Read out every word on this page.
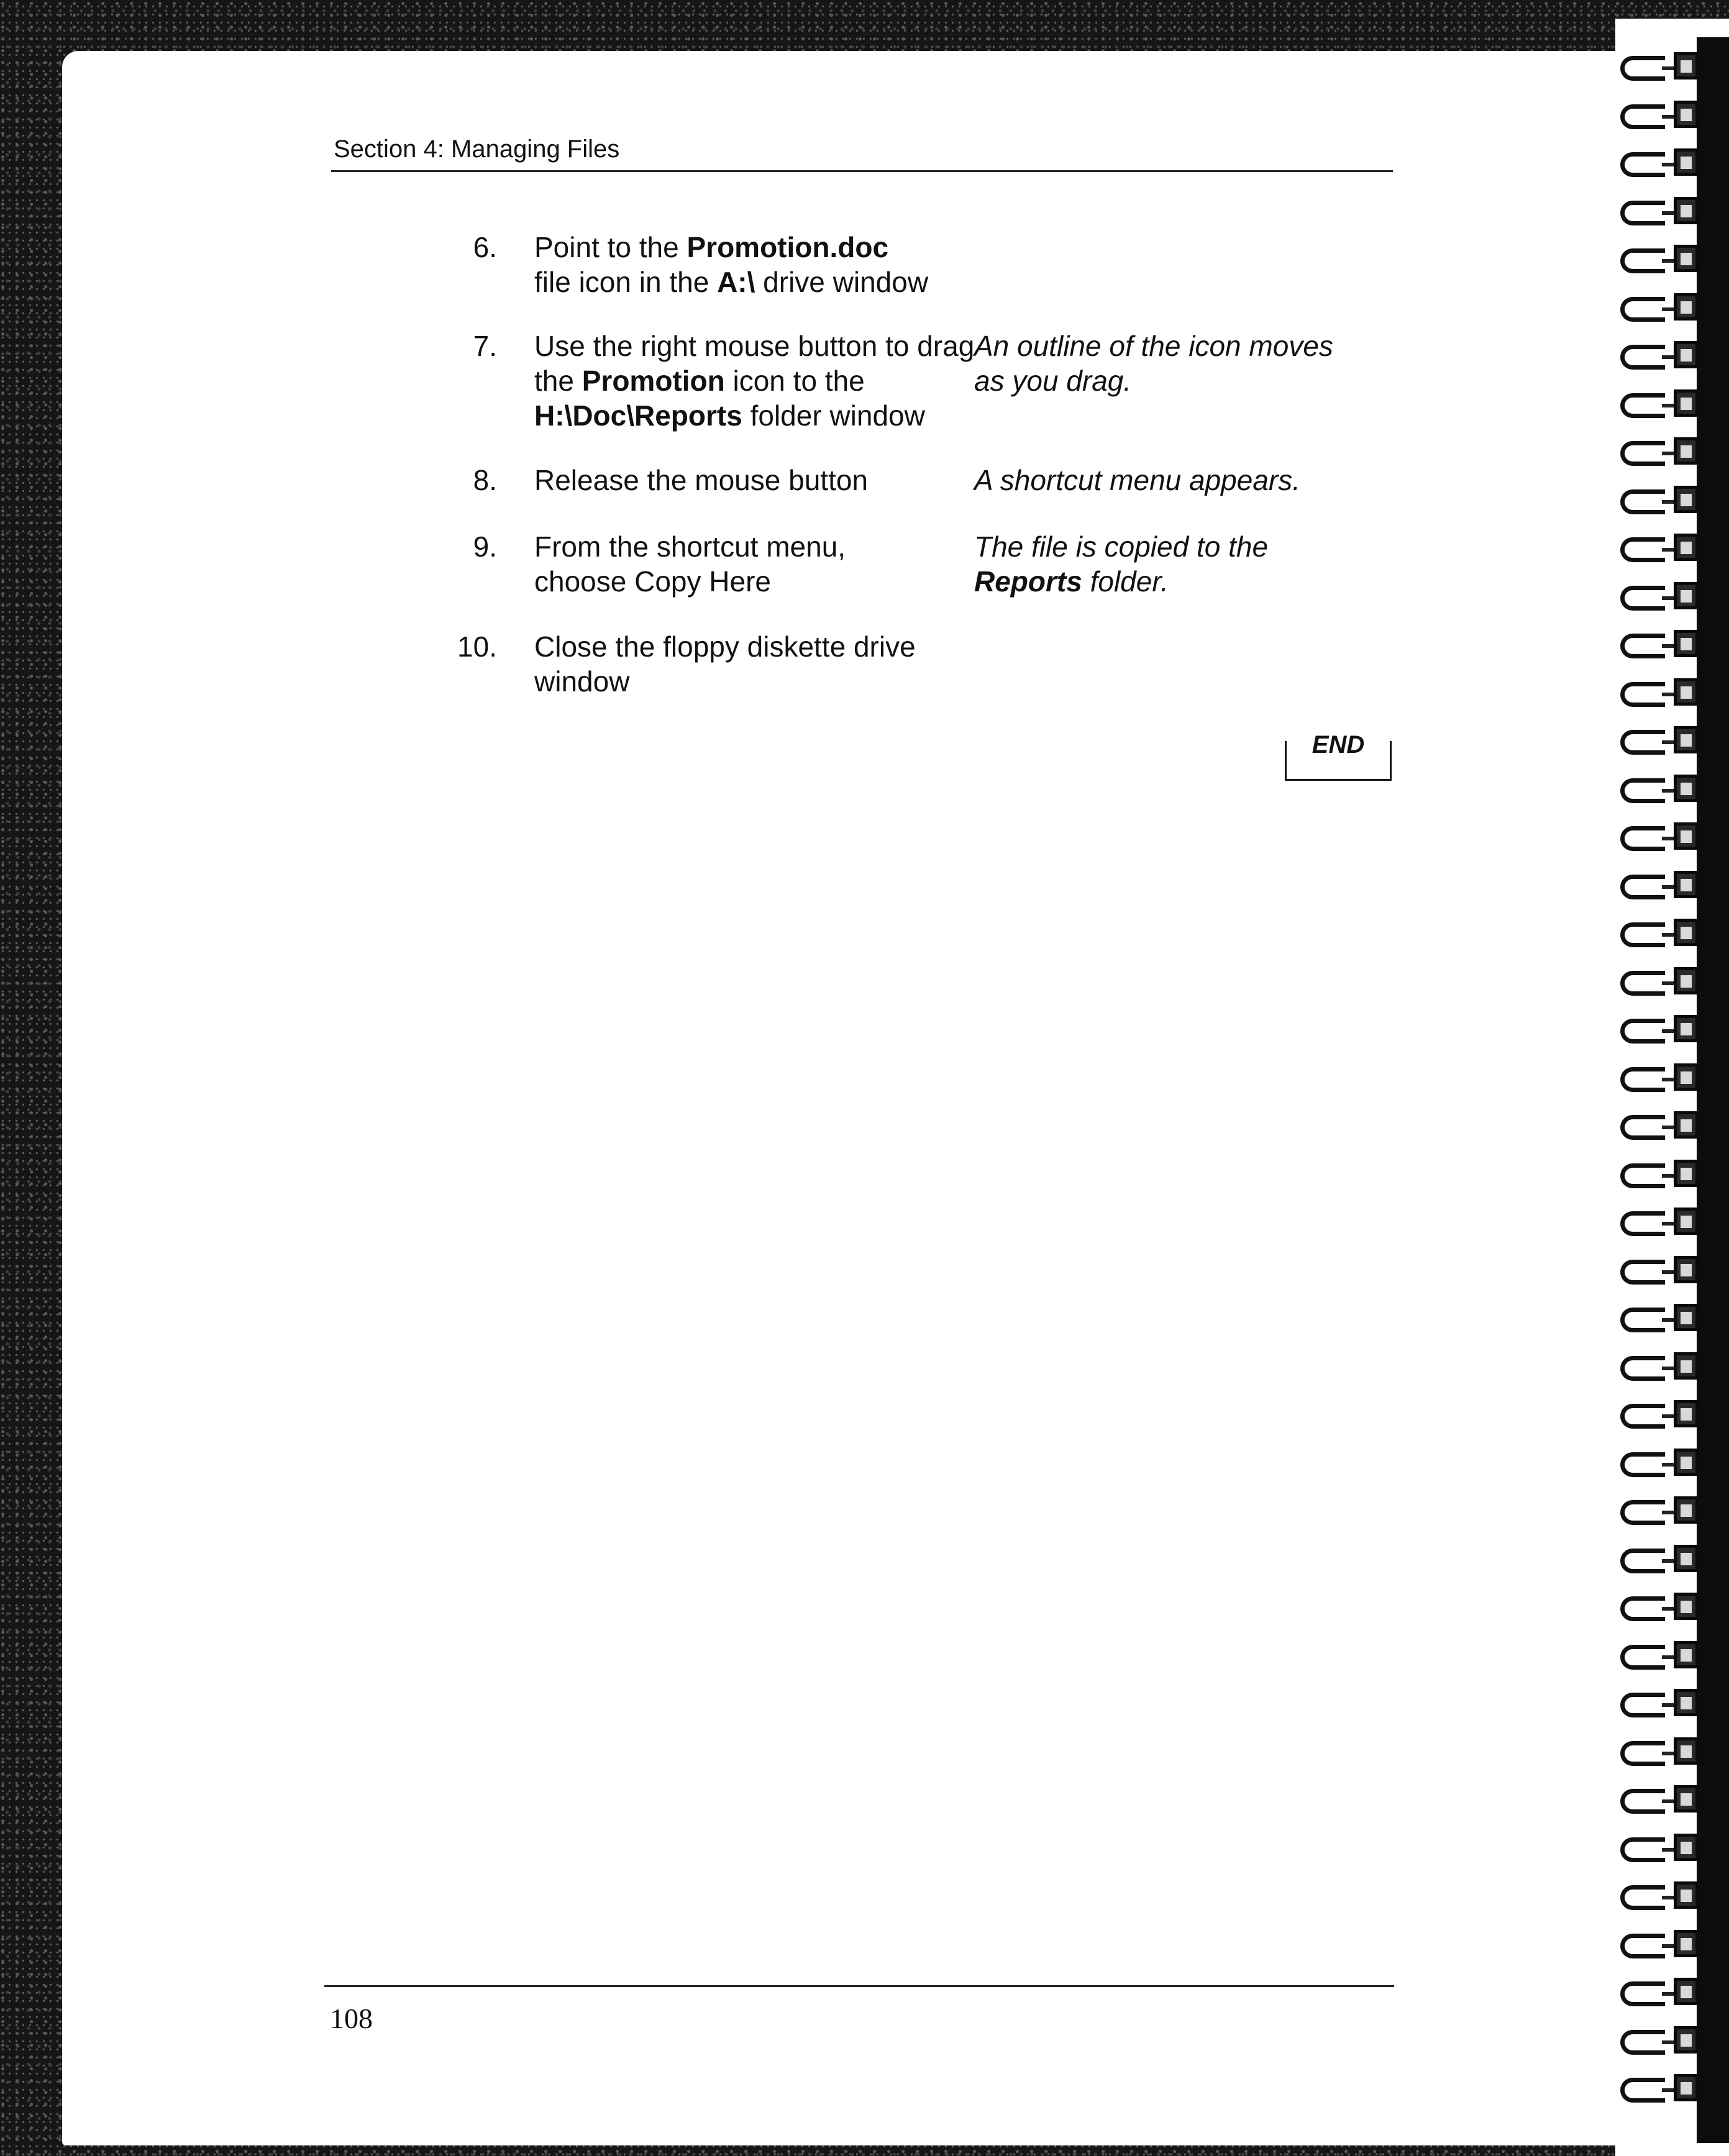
Section 4: Managing Files
6. Point to the Promotion.doc
file icon in the A:\ drive window
7. Use the right mouse button to drag the Promotion icon to the H:\Doc\Reports folder window
An outline of the icon moves as you drag.
8. Release the mouse button	A shortcut menu appears.
9. From the shortcut menu, choose Copy Here
The file is copied to the
Reports folder.
10. Close the floppy diskette drive window
END
108
